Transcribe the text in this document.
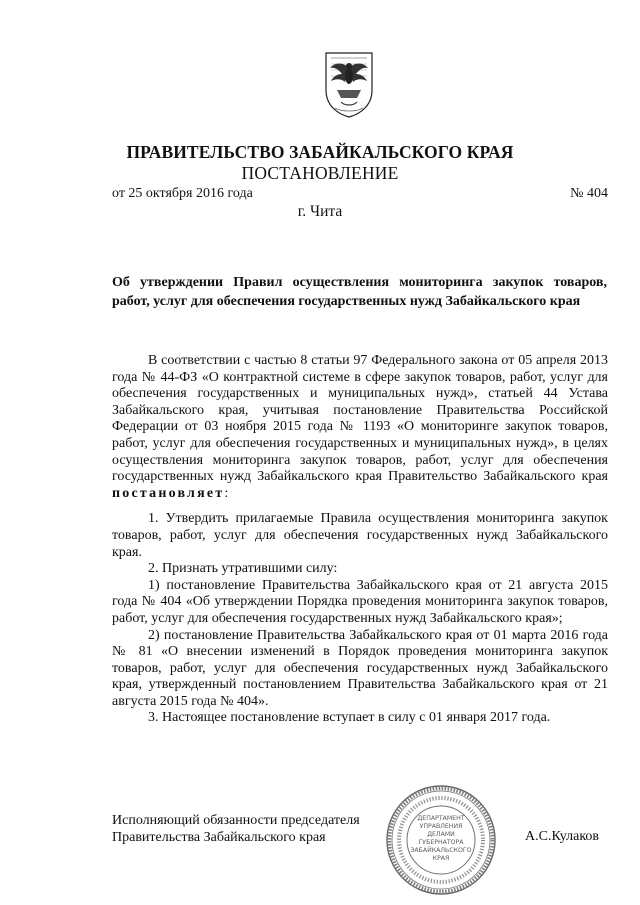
ПРАВИТЕЛЬСТВО ЗАБАЙКАЛЬСКОГО КРАЯ
ПОСТАНОВЛЕНИЕ
от 25 октября 2016 года	№ 404
г. Чита
Об утверждении Правил осуществления мониторинга закупок товаров, работ, услуг для обеспечения государственных нужд Забайкальского края

В соответствии с частью 8 статьи 97 Федерального закона от 05 апреля 2013 года № 44-ФЗ «О контрактной системе в сфере закупок товаров, работ, услуг для обеспечения государственных и муниципальных нужд», статьей 44 Устава Забайкальского края, учитывая постановление Правительства Российской Федерации от 03 ноября 2015 года № 1193 «О мониторинге закупок товаров, работ, услуг для обеспечения государственных и муниципальных нужд», в целях осуществления мониторинга закупок товаров, работ, услуг для обеспечения государственных нужд Забайкальского края Правительство Забайкальского края постановляет:

1. Утвердить прилагаемые Правила осуществления мониторинга закупок товаров, работ, услуг для обеспечения государственных нужд Забайкальского края.

2. Признать утратившими силу:

1) постановление Правительства Забайкальского края от 21 августа 2015 года № 404 «Об утверждении Порядка проведения мониторинга закупок товаров, работ, услуг для обеспечения государственных нужд Забайкальского края»;

2) постановление Правительства Забайкальского края от 01 марта 2016 года № 81 «О внесении изменений в Порядок проведения мониторинга закупок товаров, работ, услуг для обеспечения государственных нужд Забайкальского края, утвержденный постановлением Правительства Забайкальского края от 21 августа 2015 года № 404».

3. Настоящее постановление вступает в силу с 01 января 2017 года.

Исполняющий обязанности председателя
Правительства Забайкальского края
ДЕПАРТАМЕНТ
УПРАВЛЕНИЯ
ДЕЛАМИ
ГУБЕРНАТОРА
ЗАБАЙКАЛЬСКОГО
КРАЯ
А.С.Кулаков
